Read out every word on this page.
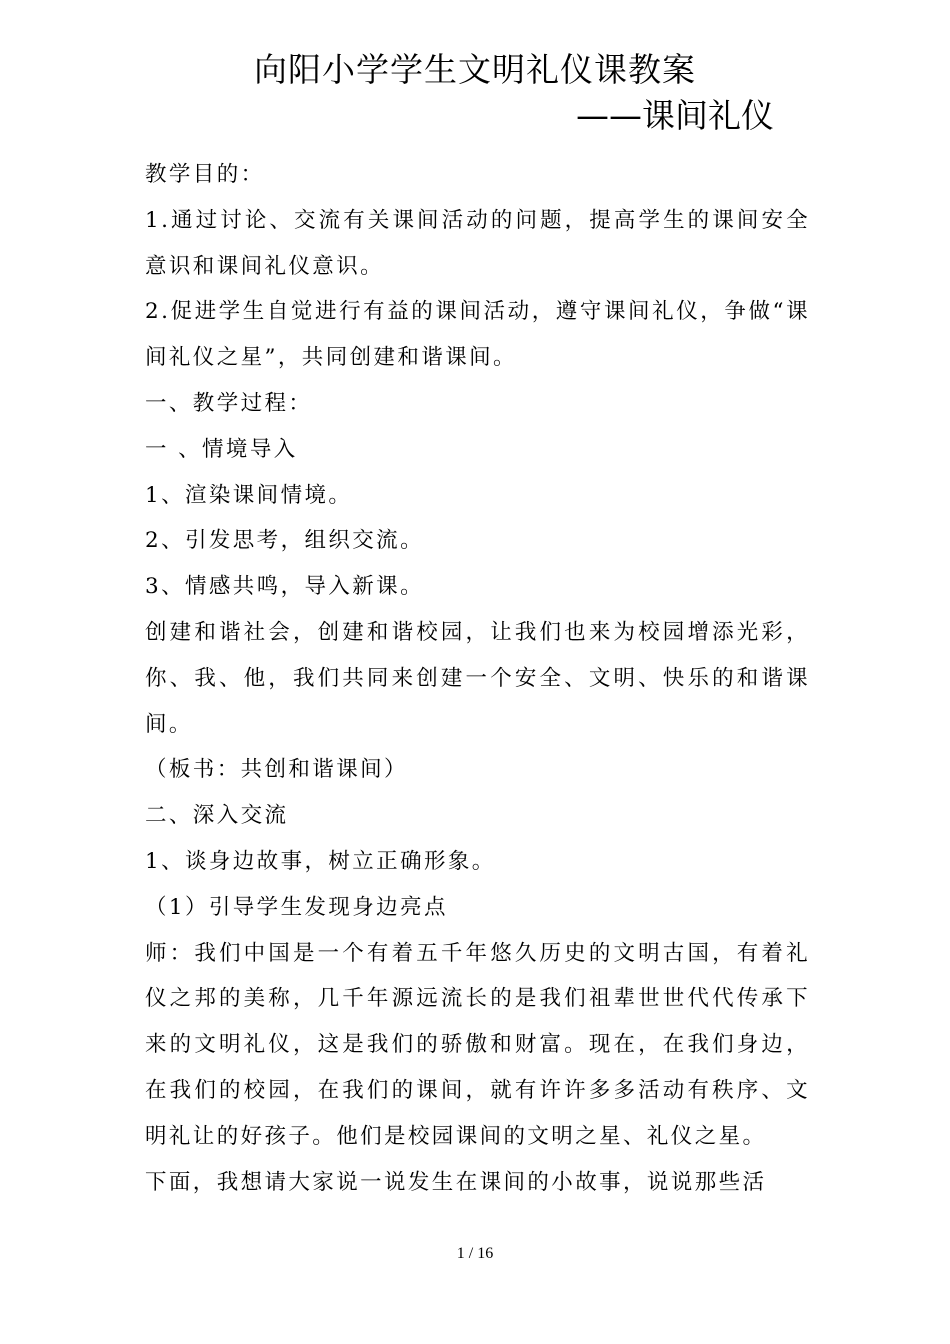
向阳小学学生文明礼仪课教案
——课间礼仪

教学目的：

1.通过讨论、交流有关课间活动的问题，提高学生的课间安全意识和课间礼仪意识。

2.促进学生自觉进行有益的课间活动，遵守课间礼仪，争做“课间礼仪之星”，共同创建和谐课间。

一、教学过程：

一 、情境导入

1、渲染课间情境。

2、引发思考，组织交流。

3、情感共鸣，导入新课。

创建和谐社会，创建和谐校园，让我们也来为校园增添光彩，你、我、他，我们共同来创建一个安全、文明、快乐的和谐课间。

（板书：共创和谐课间）

二、深入交流

1、谈身边故事，树立正确形象。

（1）引导学生发现身边亮点

师：我们中国是一个有着五千年悠久历史的文明古国，有着礼仪之邦的美称，几千年源远流长的是我们祖辈世世代代传承下来的文明礼仪，这是我们的骄傲和财富。现在，在我们身边，在我们的校园，在我们的课间，就有许许多多活动有秩序、文明礼让的好孩子。他们是校园课间的文明之星、礼仪之星。

下面，我想请大家说一说发生在课间的小故事，说说那些活

1 / 16
